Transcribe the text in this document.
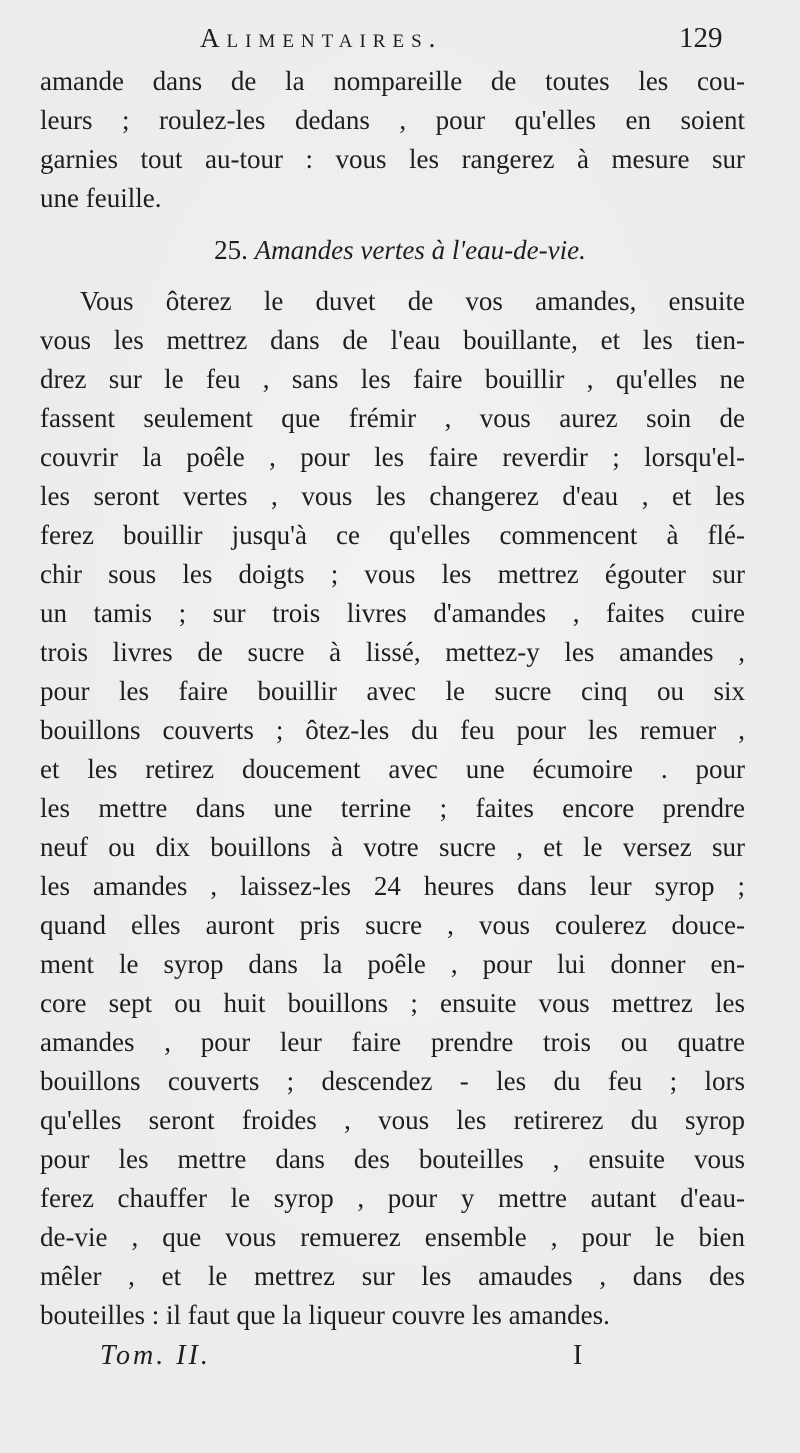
Alimentaires.	129
amande dans de la nompareille de toutes les cou-
leurs ; roulez-les dedans , pour qu'elles en soient
garnies tout au-tour : vous les rangerez à mesure sur
une feuille.
25. Amandes vertes à l'eau-de-vie.
Vous ôterez le duvet de vos amandes, ensuite
vous les mettrez dans de l'eau bouillante, et les tien-
drez sur le feu , sans les faire bouillir , qu'elles ne
fassent seulement que frémir , vous aurez soin de
couvrir la poêle , pour les faire reverdir ; lorsqu'el-
les seront vertes , vous les changerez d'eau , et les
ferez bouillir jusqu'à ce qu'elles commencent à flé-
chir sous les doigts ; vous les mettrez égouter sur
un tamis ; sur trois livres d'amandes , faites cuire
trois livres de sucre à lissé, mettez-y les amandes ,
pour les faire bouillir avec le sucre cinq ou six
bouillons couverts ; ôtez-les du feu pour les remuer ,
et les retirez doucement avec une écumoire . pour
les mettre dans une terrine ; faites encore prendre
neuf ou dix bouillons à votre sucre , et le versez sur
les amandes , laissez-les 24 heures dans leur syrop ;
quand elles auront pris sucre , vous coulerez douce-
ment le syrop dans la poêle , pour lui donner en-
core sept ou huit bouillons ; ensuite vous mettrez les
amandes , pour leur faire prendre trois ou quatre
bouillons couverts ; descendez - les du feu ; lors
qu'elles seront froides , vous les retirerez du syrop
pour les mettre dans des bouteilles , ensuite vous
ferez chauffer le syrop , pour y mettre autant d'eau-
de-vie , que vous remuerez ensemble , pour le bien
mêler , et le mettrez sur les amaudes , dans des
bouteilles : il faut que la liqueur couvre les amandes.
Tom. II.	I
